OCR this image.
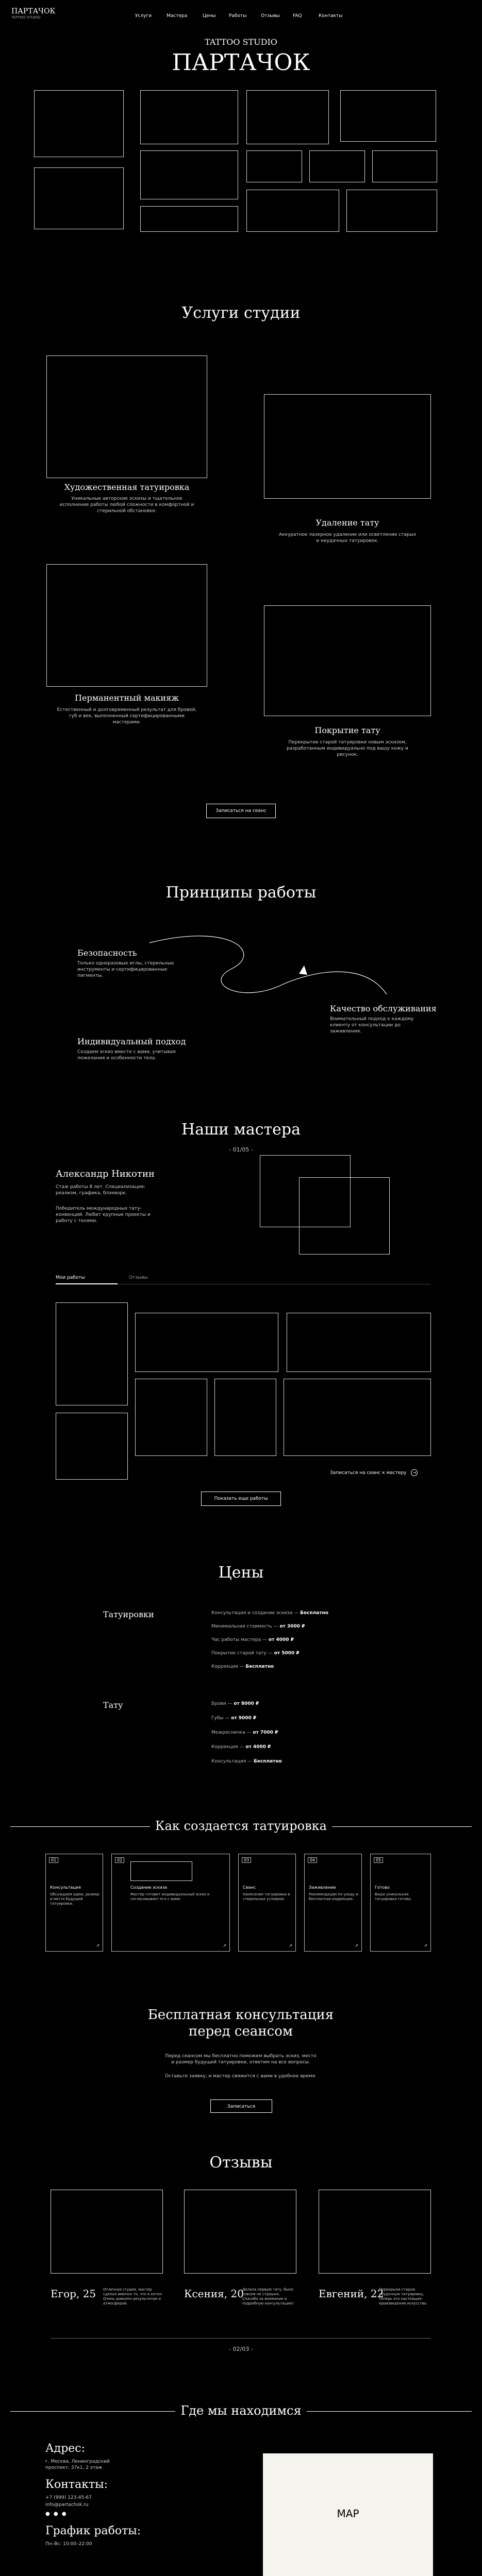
ПАРТАЧОК
TATTOO STUDIO	Услуги	Мастера	Цены	Работы	Отзывы	FAQ	Контакты
TATTOO STUDIO
ПАРТАЧОК
Услуги студии
Художественная татуировка
Уникальные авторские эскизы и тщательное исполнение работы любой сложности в комфортной и стерильной обстановке.
Удаление тату
Аккуратное лазерное удаление или осветление старых и неудачных татуировок.
Перманентный макияж
Естественный и долговременный результат для бровей, губ и век, выполненный сертифицированными мастерами.
Покрытие тату
Перекрытие старой татуировки новым эскизом, разработанным индивидуально под вашу кожу и рисунок.
Записаться на сеанс
Принципы работы
Безопасность
Только одноразовые иглы, стерильные инструменты и сертифицированные пигменты.
Качество обслуживания
Внимательный подход к каждому клиенту от консультации до заживления.
Индивидуальный подход
Создаем эскиз вместе с вами, учитывая пожелания и особенности тела.
Наши мастера
- 01/05 -
Александр Никотин
Стаж работы 8 лет. Специализация: реализм, графика, блэкворк.
Победитель международных тату-конвенций. Любит крупные проекты и работу с тенями.
Мои работы	Отзывы
Записаться на сеанс к мастеру →
Показать еще работы
Цены
Татуировки	Консультация и создание эскиза — Бесплатно
Минимальная стоимость — от 3000 ₽
Час работы мастера — от 4000 ₽
Покрытие старой тату — от 5000 ₽
Коррекция — Бесплатно
Тату	Брови — от 8000 ₽
Губы — от 9000 ₽
Межресничка — от 7000 ₽
Коррекция — от 4000 ₽
Консультация — Бесплатно
Как создается татуировка
01
Консультация
Обсуждаем идею, размер и место будущей татуировки.
↗
02
Создание эскиза
Мастер готовит индивидуальный эскиз и согласовывает его с вами.
↗
03
Сеанс
Нанесение татуировки в стерильных условиях.
↗
04
Заживление
Рекомендации по уходу и бесплатная коррекция.
↗
05
Готово
Ваша уникальная татуировка готова.
↗
Бесплатная консультация перед сеансом
Перед сеансом мы бесплатно поможем выбрать эскиз, место и размер будущей татуировки, ответим на все вопросы.
Оставьте заявку, и мастер свяжется с вами в удобное время.
Записаться
Отзывы
Егор, 25 Отличная студия, мастер сделал именно то, что я хотел. Очень доволен результатом и атмосферой.
Ксения, 20
Делала первую тату, было совсем не страшно. Спасибо за внимание и подробную консультацию!
Евгений, 22
Перекрыли старую неудачную татуировку, теперь это настоящее произведение искусства.
- 02/03 -
Где мы находимся
Адрес:
г. Москва, Ленинградский проспект, 37к1, 2 этаж
Контакты:
+7 (999) 123-45-67
info@partachok.ru
● ● ●
График работы:
Пн–Вс: 10:00–22:00
MAP
